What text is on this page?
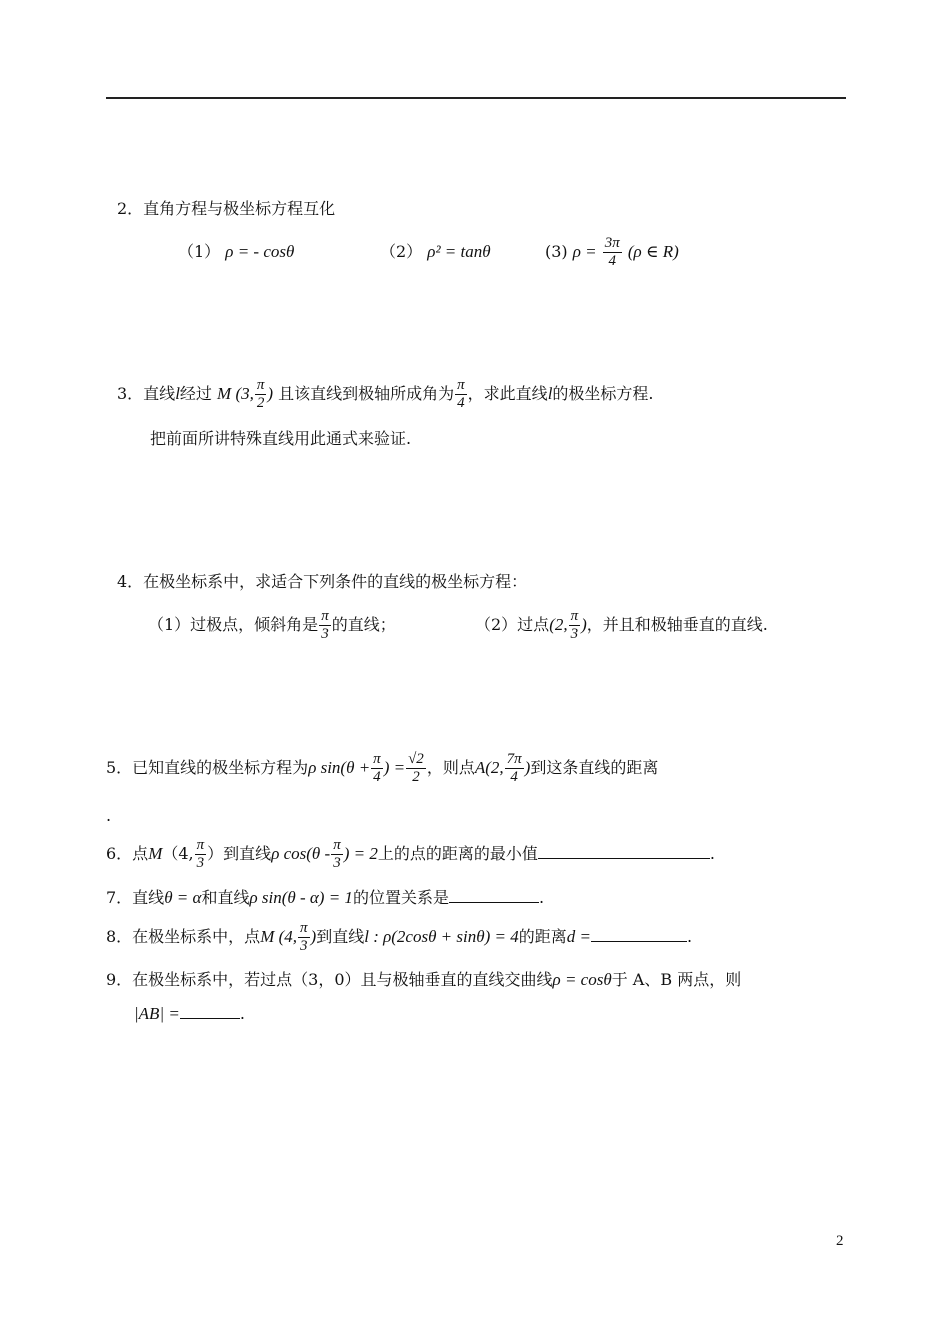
2．直角方程与极坐标方程互化
（1） ρ = - cosθ	（2） ρ² = tanθ	(3) $\rho = \frac{3\pi}{4} (\rho$ ∈ R)
3．直线l经过 M (3, $\frac{\pi}{2}$ ) 且该直线到极轴所成角为 $\frac{\pi}{4}$ ，求此直线l的极坐标方程.
把前面所讲特殊直线用此通式来验证.
4．在极坐标系中，求适合下列条件的直线的极坐标方程：
（1）过极点，倾斜角是 $\frac{\pi}{3}$ 的直线；	（2）过点(2, $\frac{\pi}{3}$ )，并且和极轴垂直的直线.
5．已知直线的极坐标方程为ρ $\sin(\theta + \frac{\pi}{4}$ ) = $\frac{√2}{2}$ ，则点A(2, $\frac{7\pi}{4}$ )到这条直线的距离
.
6．点M（4, $\frac{\pi}{3}$ ）到直线ρ $\cos(\theta - \frac{\pi}{3}$ ) = 2上的点的距离的最小值	.
7．直线θ = α和直线ρ sin(θ - α) = 1的位置关系是	.
8．在极坐标系中，点M (4, $\frac{\pi}{3}$ )到直线l : ρ(2cosθ + sinθ) = 4的距离d =	.
9．在极坐标系中，若过点（3，0）且与极轴垂直的直线交曲线ρ = cosθ于 A、B 两点，则
|AB| =	.
2
